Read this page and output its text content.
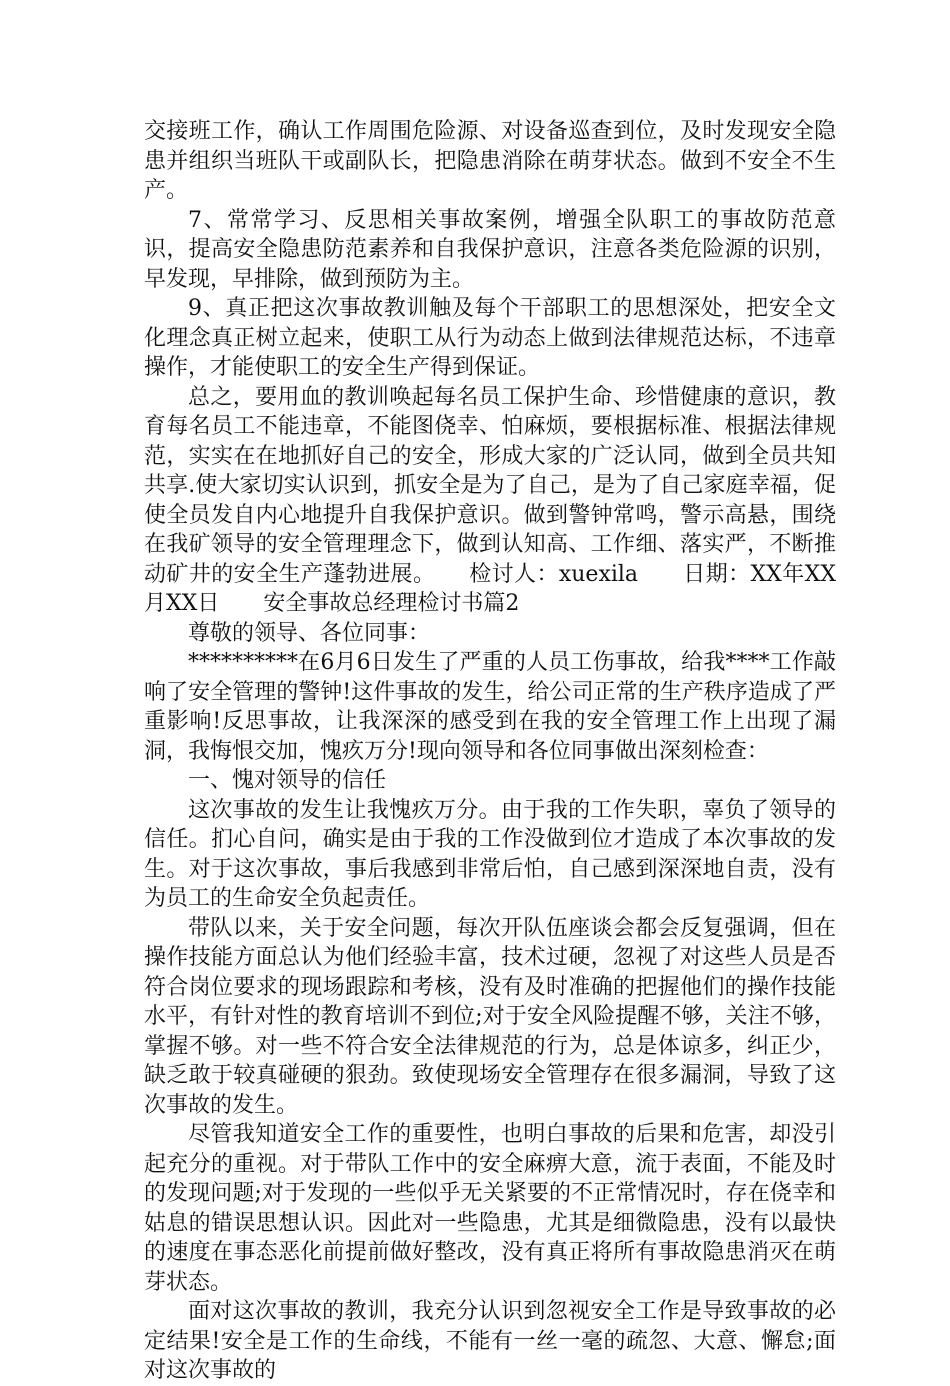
交接班工作，确认工作周围危险源、对设备巡查到位，及时发现安全隐患并组织当班队干或副队长，把隐患消除在萌芽状态。做到不安全不生产。

7、常常学习、反思相关事故案例，增强全队职工的事故防范意识，提高安全隐患防范素养和自我保护意识，注意各类危险源的识别，早发现，早排除，做到预防为主。

9、真正把这次事故教训触及每个干部职工的思想深处，把安全文化理念真正树立起来，使职工从行为动态上做到法律规范达标，不违章操作，才能使职工的安全生产得到保证。

总之，要用血的教训唤起每名员工保护生命、珍惜健康的意识，教育每名员工不能违章，不能图侥幸、怕麻烦，要根据标准、根据法律规范，实实在在地抓好自己的安全，形成大家的广泛认同，做到全员共知共享.使大家切实认识到，抓安全是为了自己，是为了自己家庭幸福，促使全员发自内心地提升自我保护意识。做到警钟常鸣，警示高悬，围绕在我矿领导的安全管理理念下，做到认知高、工作细、落实严，不断推动矿井的安全生产蓬勃进展。　　检讨人：xuexila　　日期：XX年XX月XX日　　安全事故总经理检讨书篇2

尊敬的领导、各位同事：

**********在6月6日发生了严重的人员工伤事故，给我****工作敲响了安全管理的警钟!这件事故的发生，给公司正常的生产秩序造成了严重影响!反思事故，让我深深的感受到在我的安全管理工作上出现了漏洞，我悔恨交加，愧疚万分!现向领导和各位同事做出深刻检查：

一、愧对领导的信任

这次事故的发生让我愧疚万分。由于我的工作失职，辜负了领导的信任。扪心自问，确实是由于我的工作没做到位才造成了本次事故的发生。对于这次事故，事后我感到非常后怕，自己感到深深地自责，没有为员工的生命安全负起责任。

带队以来，关于安全问题，每次开队伍座谈会都会反复强调，但在操作技能方面总认为他们经验丰富，技术过硬，忽视了对这些人员是否符合岗位要求的现场跟踪和考核，没有及时准确的把握他们的操作技能水平，有针对性的教育培训不到位;对于安全风险提醒不够，关注不够，掌握不够。对一些不符合安全法律规范的行为，总是体谅多，纠正少，缺乏敢于较真碰硬的狠劲。致使现场安全管理存在很多漏洞，导致了这次事故的发生。

尽管我知道安全工作的重要性，也明白事故的后果和危害，却没引起充分的重视。对于带队工作中的安全麻痹大意，流于表面，不能及时的发现问题;对于发现的一些似乎无关紧要的不正常情况时，存在侥幸和姑息的错误思想认识。因此对一些隐患，尤其是细微隐患，没有以最快的速度在事态恶化前提前做好整改，没有真正将所有事故隐患消灭在萌芽状态。

面对这次事故的教训，我充分认识到忽视安全工作是导致事故的必定结果!安全是工作的生命线，不能有一丝一毫的疏忽、大意、懈怠;面对这次事故的
